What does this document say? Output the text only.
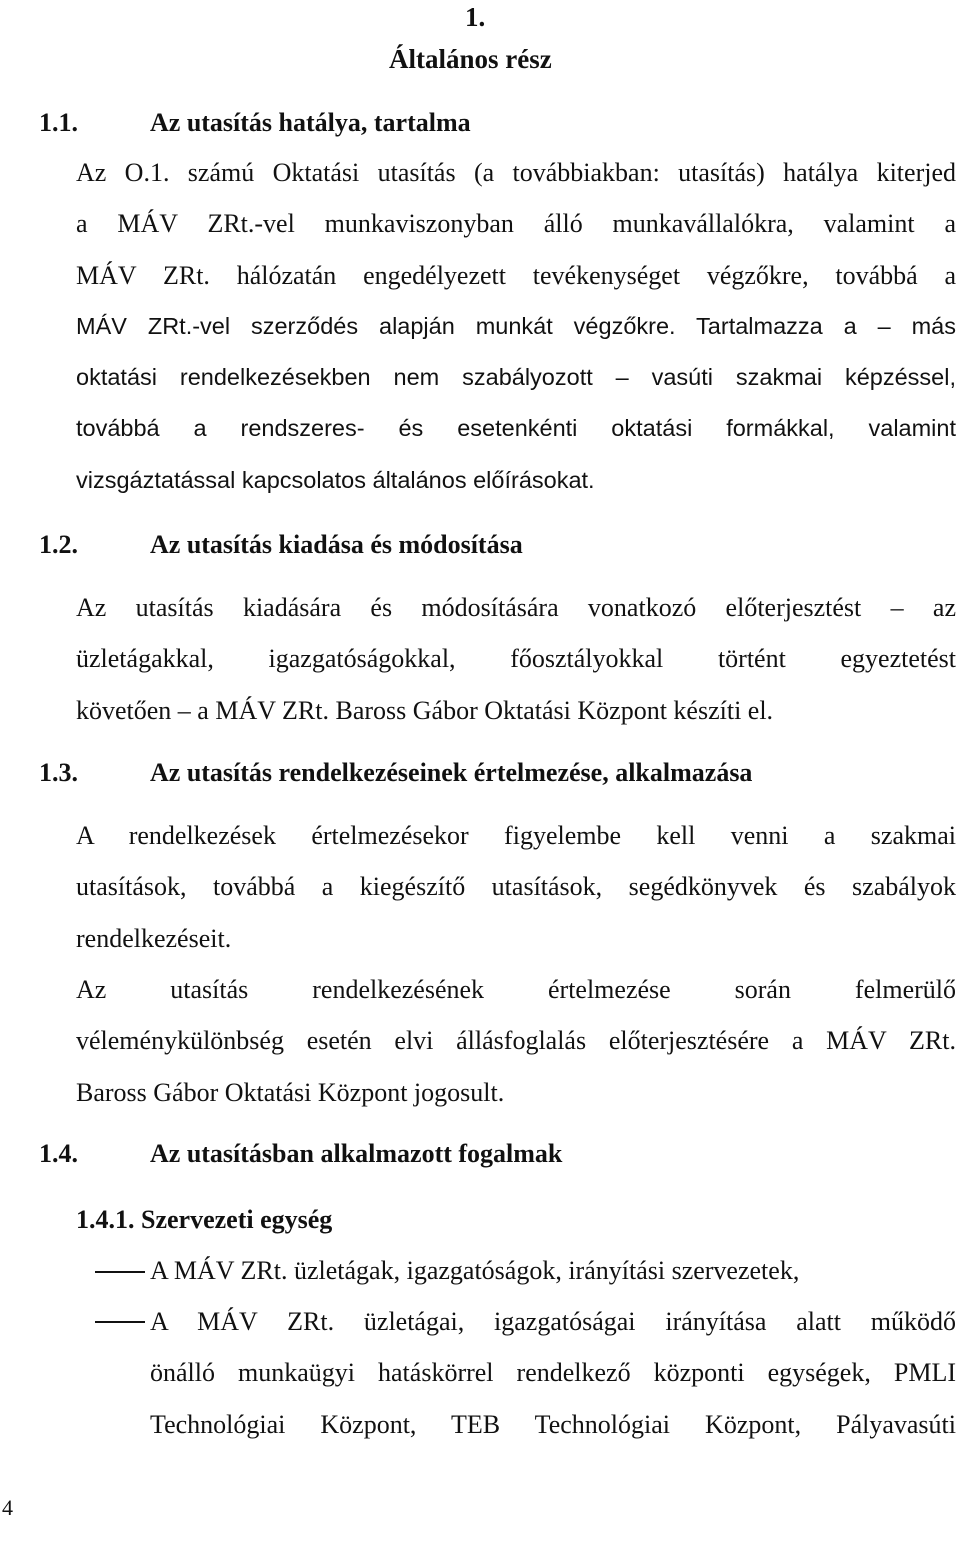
1.
Általános rész
1.1.	Az utasítás hatálya, tartalma
Az O.1. számú Oktatási utasítás (a továbbiakban: utasítás) hatálya kiterjed
a MÁV ZRt.-vel munkaviszonyban álló munkavállalókra, valamint a
MÁV ZRt. hálózatán engedélyezett tevékenységet végzőkre, továbbá a
MÁV ZRt.-vel szerződés alapján munkát végzőkre. Tartalmazza a – más
oktatási rendelkezésekben nem szabályozott – vasúti szakmai képzéssel,
továbbá a rendszeres- és esetenkénti oktatási formákkal, valamint
vizsgáztatással kapcsolatos általános előírásokat.
1.2.	Az utasítás kiadása és módosítása
Az utasítás kiadására és módosítására vonatkozó előterjesztést – az
üzletágakkal, igazgatóságokkal, főosztályokkal történt egyeztetést
követően – a MÁV ZRt. Baross Gábor Oktatási Központ készíti el.
1.3.	Az utasítás rendelkezéseinek értelmezése, alkalmazása
A rendelkezések értelmezésekor figyelembe kell venni a szakmai
utasítások, továbbá a kiegészítő utasítások, segédkönyvek és szabályok
rendelkezéseit.
Az utasítás rendelkezésének értelmezése során felmerülő
véleménykülönbség esetén elvi állásfoglalás előterjesztésére a MÁV ZRt.
Baross Gábor Oktatási Központ jogosult.
1.4.	Az utasításban alkalmazott fogalmak
1.4.1. Szervezeti egység
A MÁV ZRt. üzletágak, igazgatóságok, irányítási szervezetek,
A MÁV ZRt. üzletágai, igazgatóságai irányítása alatt működő
önálló munkaügyi hatáskörrel rendelkező központi egységek, PMLI
Technológiai Központ, TEB Technológiai Központ, Pályavasúti
4
